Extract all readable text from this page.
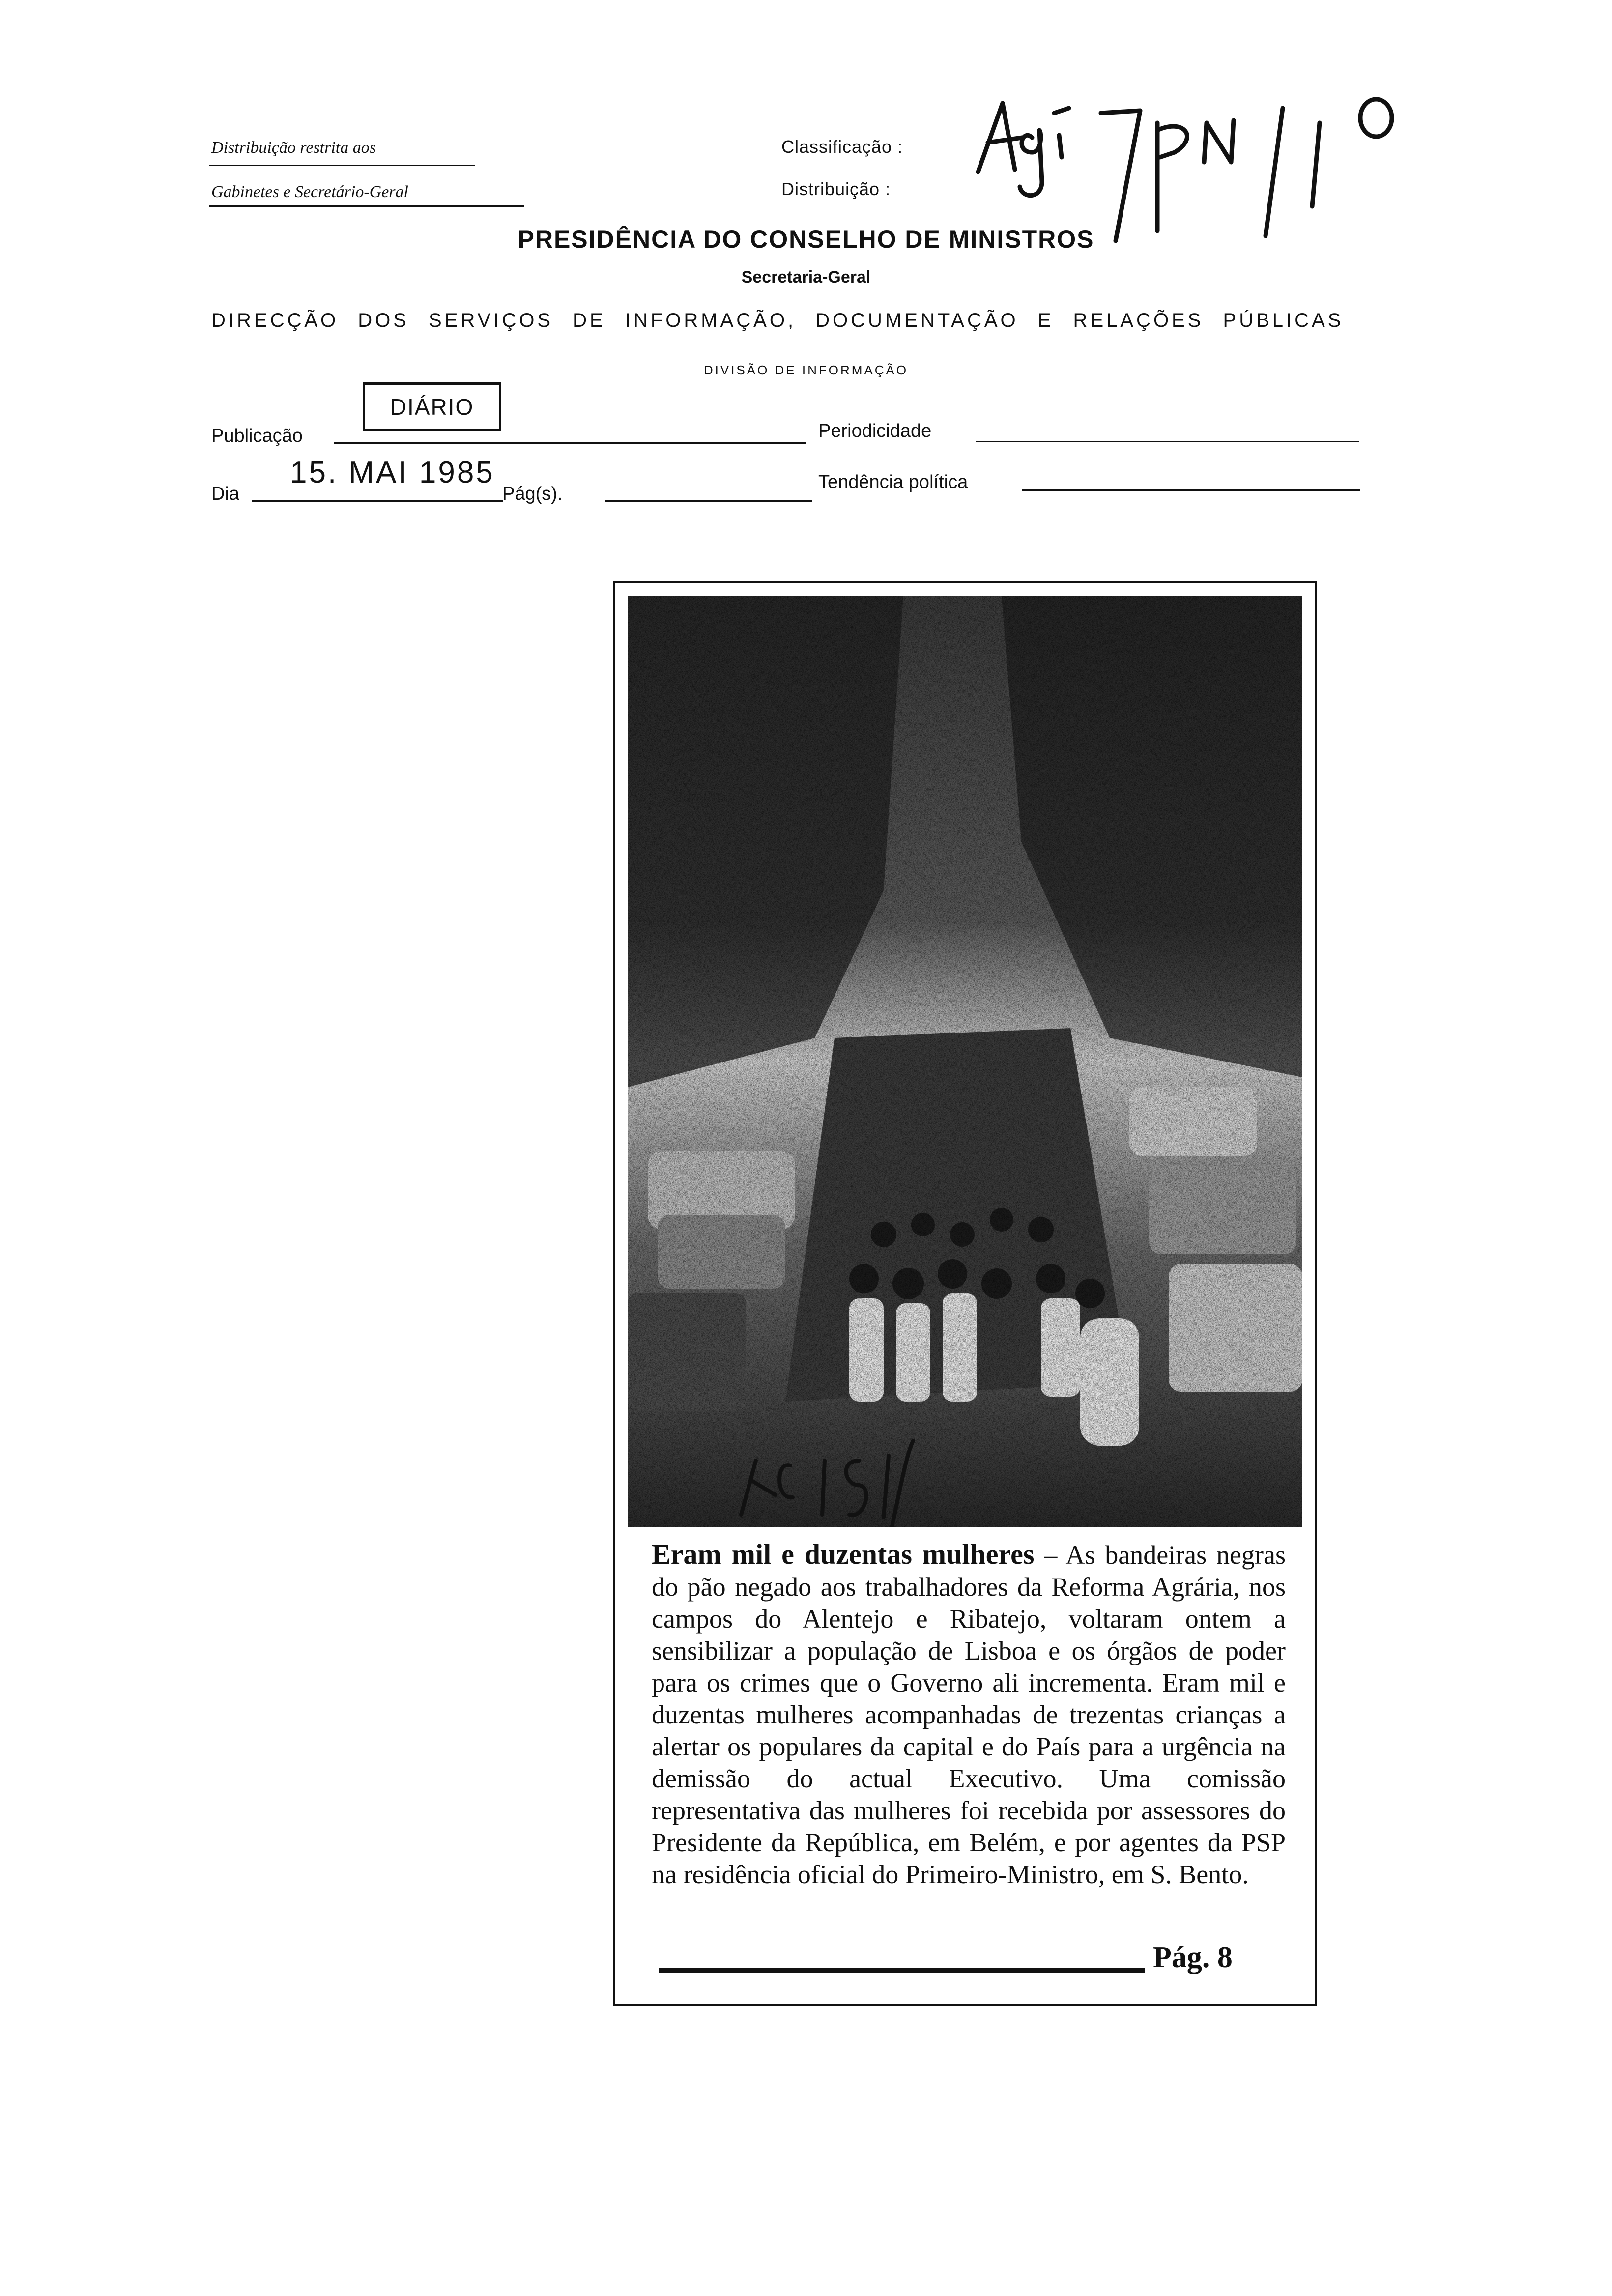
Distribuição restrita aos
Gabinetes e Secretário-Geral
Classificação :
Distribuição :
PRESIDÊNCIA DO CONSELHO DE MINISTROS
Secretaria-Geral
DIRECÇÃO DOS SERVIÇOS DE INFORMAÇÃO, DOCUMENTAÇÃO E RELAÇÕES PÚBLICAS
DIVISÃO DE INFORMAÇÃO
DIÁRIO
Publicação	Periodicidade
Dia
15. MAI 1985
Pág(s).
Tendência política
Eram mil e duzentas mulheres – As bandeiras negras do pão negado aos trabalhadores da Reforma Agrária, nos campos do Alentejo e Ribatejo, voltaram ontem a sensibilizar a população de Lisboa e os órgãos de poder para os crimes que o Governo ali incrementa. Eram mil e duzentas mulheres acompanhadas de trezentas crianças a alertar os populares da capital e do País para a urgência na demissão do actual Executivo. Uma comissão representativa das mulheres foi recebida por assessores do Presidente da República, em Belém, e por agentes da PSP na residência oficial do Primeiro-Ministro, em S. Bento.
Pág. 8
